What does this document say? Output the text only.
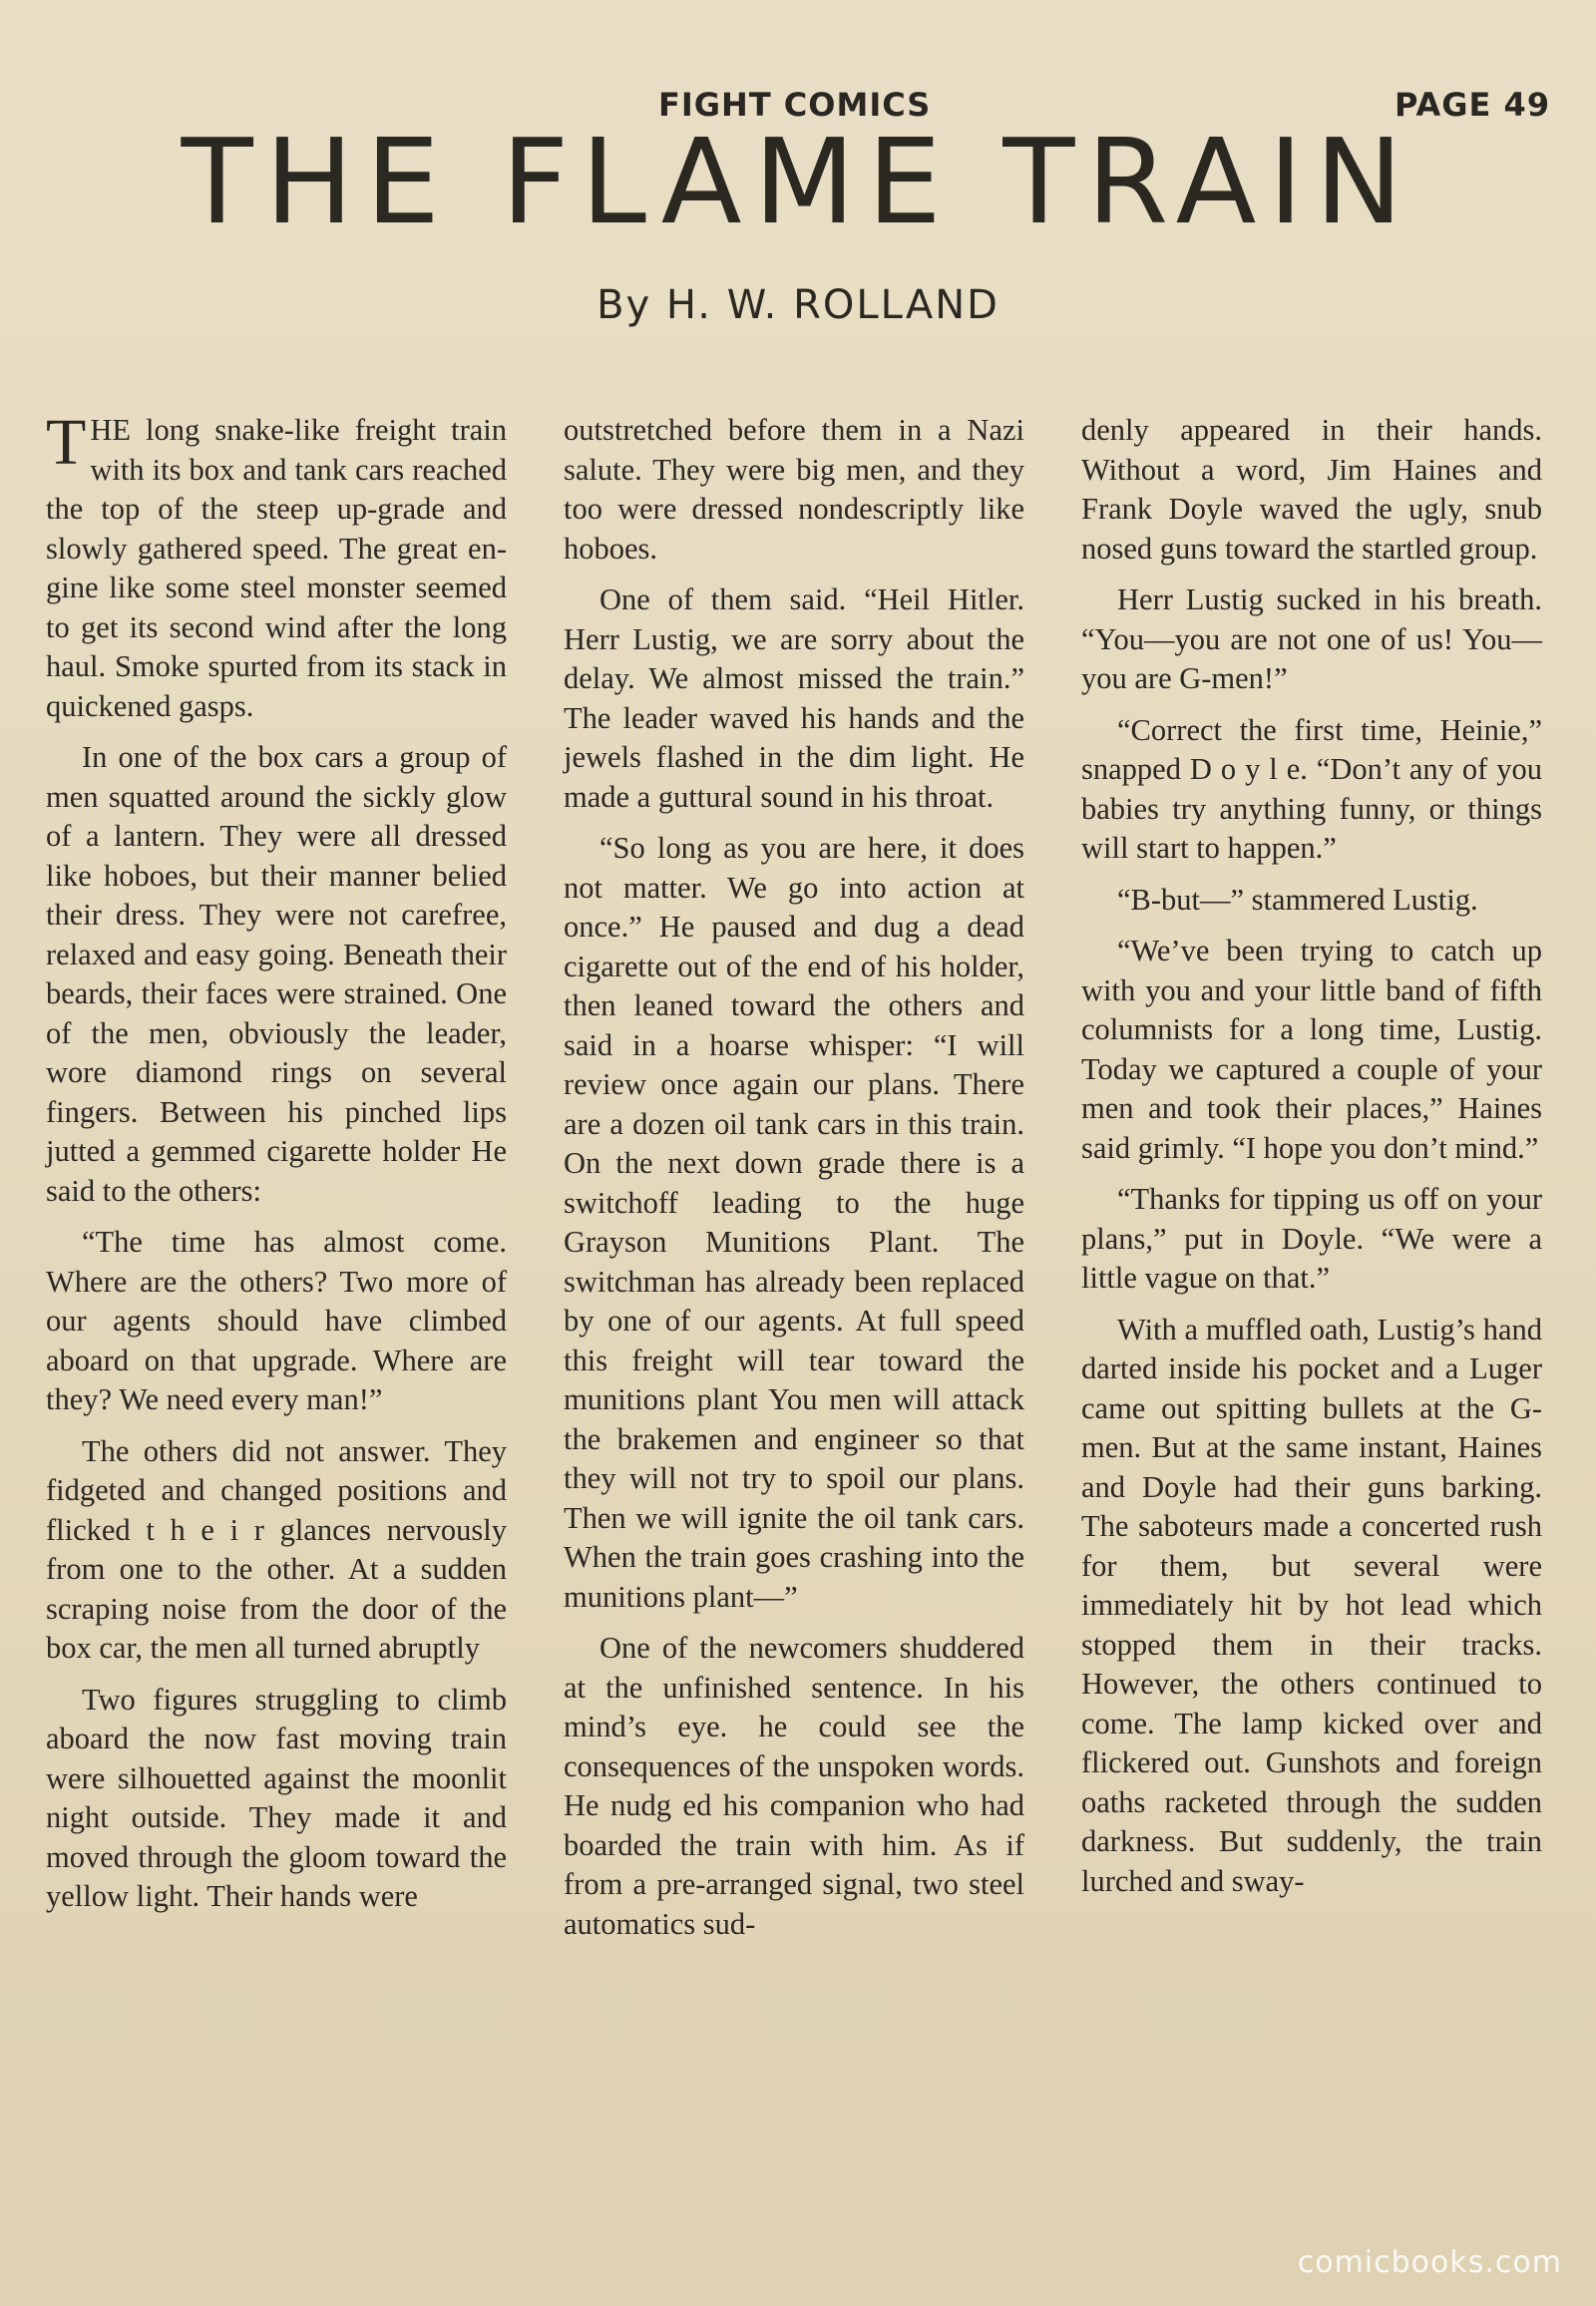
FIGHT COMICS	PAGE 49
THE FLAME TRAIN
By H. W. ROLLAND

THE long snake-like freight train with its box and tank cars reached the top of the steep up-grade and slowly gathered speed. The great engine like some steel monster seemed to get its second wind after the long haul. Smoke spurted from its stack in quickened gasps.

In one of the box cars a group of men squatted around the sickly glow of a lantern. They were all dressed like hoboes, but their manner belied their dress. They were not carefree, relaxed and easy going. Beneath their beards, their faces were strained. One of the men, obviously the leader, wore diamond rings on several fingers. Between his pinched lips jutted a gemmed cigarette holder He said to the others:

“The time has almost come. Where are the others? Two more of our agents should have climbed aboard on that upgrade. Where are they? We need every man!”

The others did not answer. They fidgeted and changed positions and flicked t h e i r glances nervously from one to the other. At a sudden scraping noise from the door of the box car, the men all turned abruptly

Two figures struggling to climb aboard the now fast moving train were silhouetted against the moonlit night outside. They made it and moved through the gloom toward the yellow light. Their hands were

outstretched before them in a Nazi salute. They were big men, and they too were dressed nondescriptly like hoboes.

One of them said. “Heil Hitler. Herr Lustig, we are sorry about the delay. We almost missed the train.” The leader waved his hands and the jewels flashed in the dim light. He made a guttural sound in his throat.

“So long as you are here, it does not matter. We go into action at once.” He paused and dug a dead cigarette out of the end of his holder, then leaned toward the others and said in a hoarse whisper: “I will review once again our plans. There are a dozen oil tank cars in this train. On the next down grade there is a switchoff leading to the huge Grayson Munitions Plant. The switchman has already been replaced by one of our agents. At full speed this freight will tear toward the munitions plant You men will attack the brakemen and engineer so that they will not try to spoil our plans. Then we will ignite the oil tank cars. When the train goes crashing into the munitions plant—”

One of the newcomers shuddered at the unfinished sentence. In his mind’s eye. he could see the consequences of the unspoken words. He nudg ed his companion who had boarded the train with him. As if from a pre-arranged signal, two steel automatics sud-

denly appeared in their hands. Without a word, Jim Haines and Frank Doyle waved the ugly, snub nosed guns toward the startled group.

Herr Lustig sucked in his breath. “You—you are not one of us! You—you are G-men!”

“Correct the first time, Heinie,” snapped D o y l e. “Don’t any of you babies try anything funny, or things will start to happen.”

“B-but—” stammered Lustig.

“We’ve been trying to catch up with you and your little band of fifth columnists for a long time, Lustig. Today we captured a couple of your men and took their places,” Haines said grimly. “I hope you don’t mind.”

“Thanks for tipping us off on your plans,” put in Doyle. “We were a little vague on that.”

With a muffled oath, Lustig’s hand darted inside his pocket and a Luger came out spitting bullets at the G-men. But at the same instant, Haines and Doyle had their guns barking. The saboteurs made a concerted rush for them, but several were immediately hit by hot lead which stopped them in their tracks. However, the others continued to come. The lamp kicked over and flickered out. Gunshots and foreign oaths racketed through the sudden darkness. But suddenly, the train lurched and sway-

comicbooks.com
